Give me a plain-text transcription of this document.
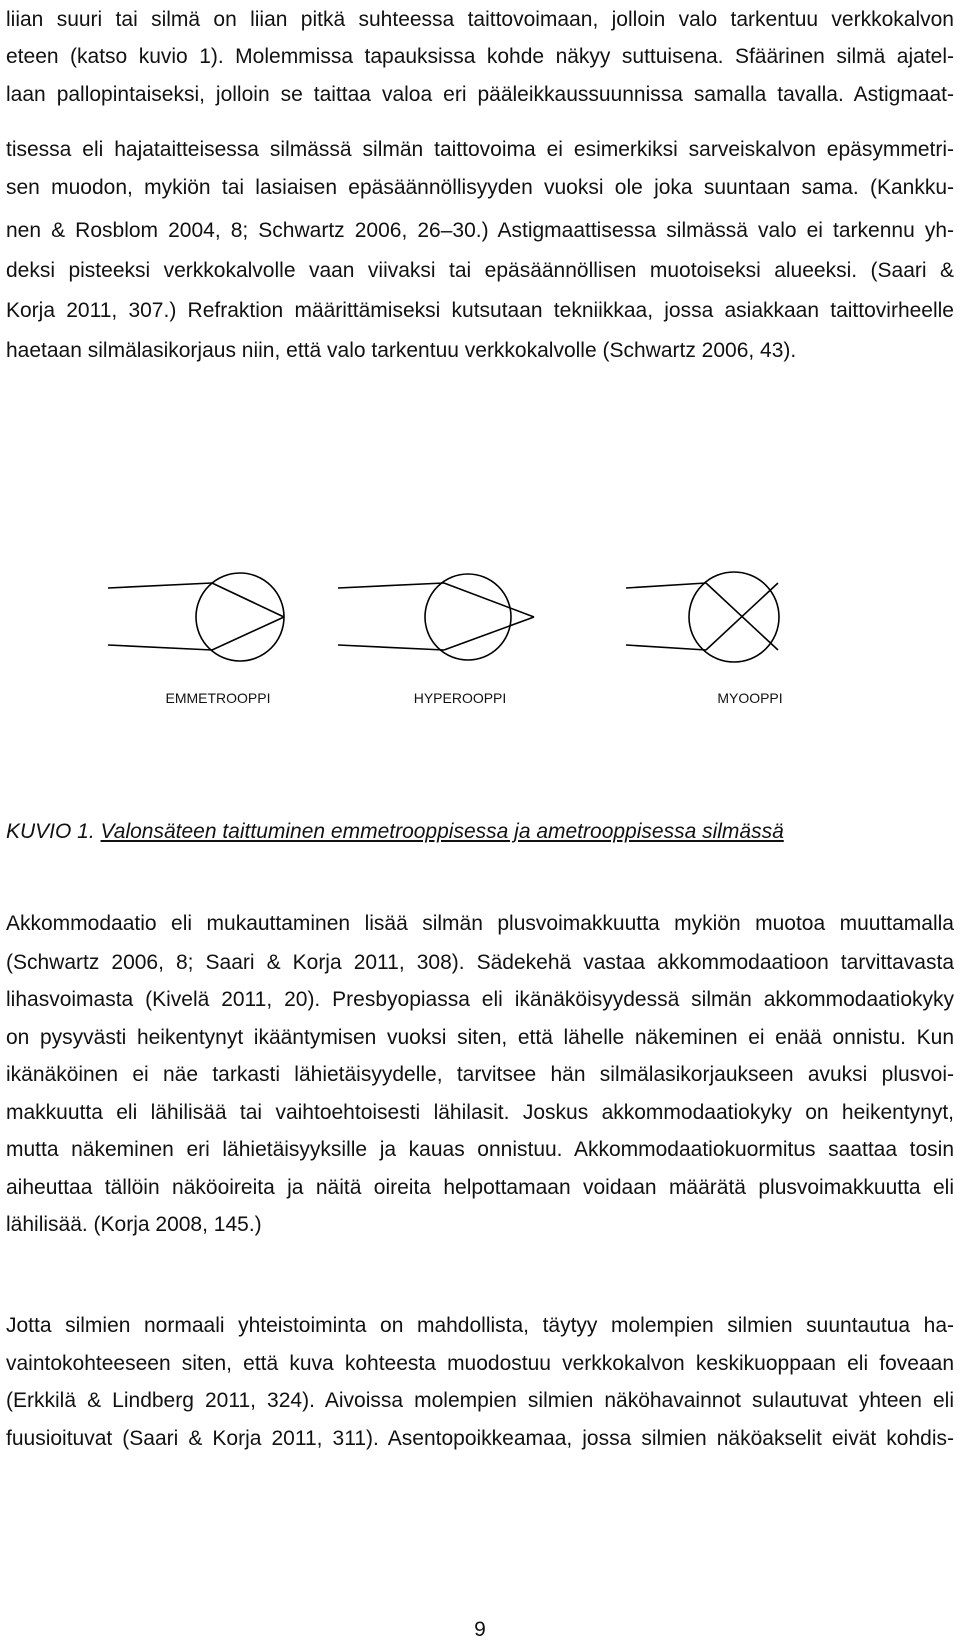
liian suuri tai silmä on liian pitkä suhteessa taittovoimaan, jolloin valo tarkentuu verkkokalvon
eteen (katso kuvio 1). Molemmissa tapauksissa kohde näkyy suttuisena. Sfäärinen silmä ajatel-
laan pallopintaiseksi, jolloin se taittaa valoa eri pääleikkaussuunnissa samalla tavalla. Astigmaat-
tisessa eli hajataitteisessa silmässä silmän taittovoima ei esimerkiksi sarveiskalvon epäsymmetri-
sen muodon, mykiön tai lasiaisen epäsäännöllisyyden vuoksi ole joka suuntaan sama. (Kankku-
nen & Rosblom 2004, 8; Schwartz 2006, 26–30.) Astigmaattisessa silmässä valo ei tarkennu yh-
deksi pisteeksi verkkokalvolle vaan viivaksi tai epäsäännöllisen muotoiseksi alueeksi. (Saari &
Korja 2011, 307.) Refraktion määrittämiseksi kutsutaan tekniikkaa, jossa asiakkaan taittovirheelle
haetaan silmälasikorjaus niin, että valo tarkentuu verkkokalvolle (Schwartz 2006, 43).
EMMETROOPPI	HYPEROOPPI	MYOOPPI
KUVIO 1. Valonsäteen taittuminen emmetrooppisessa ja ametrooppisessa silmässä
Akkommodaatio eli mukauttaminen lisää silmän plusvoimakkuutta mykiön muotoa muuttamalla
(Schwartz 2006, 8; Saari & Korja 2011, 308). Sädekehä vastaa akkommodaatioon tarvittavasta
lihasvoimasta (Kivelä 2011, 20). Presbyopiassa eli ikänäköisyydessä silmän akkommodaatiokyky
on pysyvästi heikentynyt ikääntymisen vuoksi siten, että lähelle näkeminen ei enää onnistu. Kun
ikänäköinen ei näe tarkasti lähietäisyydelle, tarvitsee hän silmälasikorjaukseen avuksi plusvoi-
makkuutta eli lähilisää tai vaihtoehtoisesti lähilasit. Joskus akkommodaatiokyky on heikentynyt,
mutta näkeminen eri lähietäisyyksille ja kauas onnistuu. Akkommodaatiokuormitus saattaa tosin
aiheuttaa tällöin näköoireita ja näitä oireita helpottamaan voidaan määrätä plusvoimakkuutta eli
lähilisää. (Korja 2008, 145.)
Jotta silmien normaali yhteistoiminta on mahdollista, täytyy molempien silmien suuntautua ha-
vaintokohteeseen siten, että kuva kohteesta muodostuu verkkokalvon keskikuoppaan eli foveaan
(Erkkilä & Lindberg 2011, 324). Aivoissa molempien silmien näköhavainnot sulautuvat yhteen eli
fuusioituvat (Saari & Korja 2011, 311). Asentopoikkeamaa, jossa silmien näköakselit eivät kohdis-
9
